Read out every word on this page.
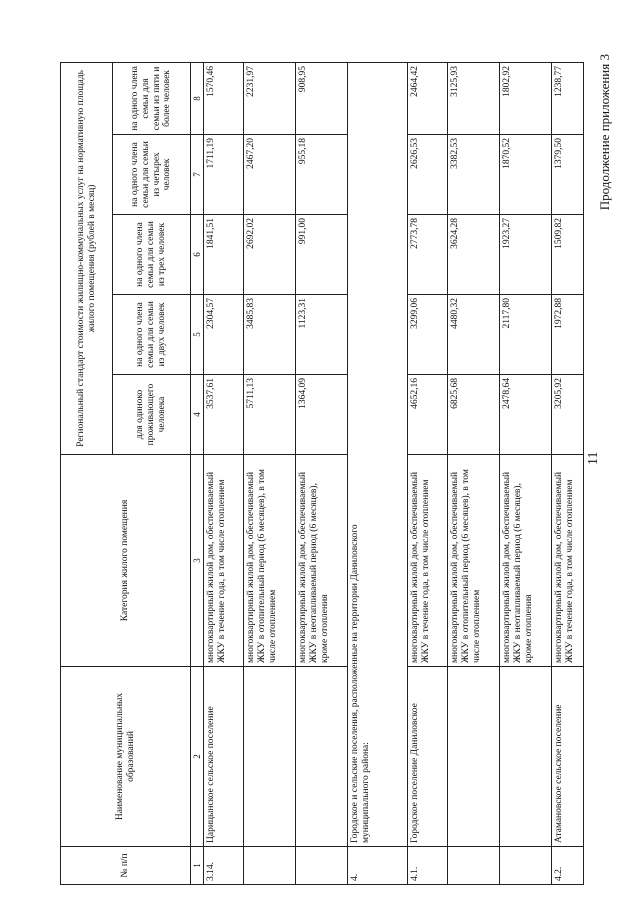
11
Продолжение приложения 3
№ п/п	Наименование муниципальных образований	Категория жилого помещения	Региональный стандарт стоимости жилищно-коммунальных услуг на нормативную площадь жилого помещения (рублей в месяц)				
			для одиноко проживающего человека	на одного члена семьи для семьи из двух человек	на одного члена семьи для семьи из трех человек	на одного члена семьи для семьи из четырех человек	на одного члена семьи для семьи из пяти и более человек
1	2	3	4	5	6	7	8
3.14.	Царицынское сельское поселение	многоквартирный жилой дом, обеспечиваемый ЖКУ в течение года, в том числе отоплением	3537,61	2304,57	1841,51	1711,19	1570,46
		многоквартирный жилой дом, обеспечиваемый ЖКУ в отопительный период (6 месяцев), в том числе отоплением	5711,13	3485,83	2692,02	2467,20	2231,97
		многоквартирный жилой дом, обеспечиваемый ЖКУ в неотапливаемый период (6 месяцев), кроме отопления	1364,09	1123,31	991,00	955,18	908,95
4.	Городское и сельские поселения, расположенные на территории Даниловского муниципального района:						
4.1.	Городское поселение Даниловское	многоквартирный жилой дом, обеспечиваемый ЖКУ в течение года, в том числе отоплением	4652,16	3299,06	2773,78	2626,53	2464,42
		многоквартирный жилой дом, обеспечиваемый ЖКУ в отопительный период (6 месяцев), в том числе отоплением	6825,68	4480,32	3624,28	3382,53	3125,93
		многоквартирный жилой дом, обеспечиваемый ЖКУ в неотапливаемый период (6 месяцев), кроме отопления	2478,64	2117,80	1923,27	1870,52	1802,92
4.2.	Атамановское сельское поселение	многоквартирный жилой дом, обеспечиваемый ЖКУ в течение года, в том числе отоплением	3205,92	1972,88	1509,82	1379,50	1238,77
